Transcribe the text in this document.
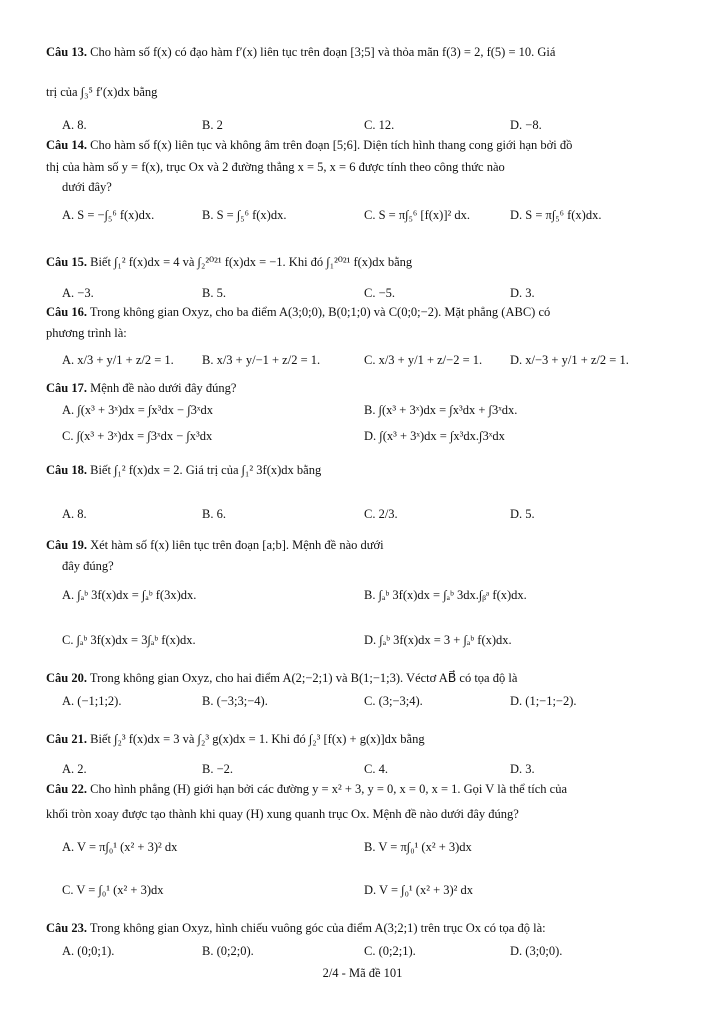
Câu 13. Cho hàm số f(x) có đạo hàm f′(x) liên tục trên đoạn [3;5] và thỏa mãn f(3) = 2, f(5) = 10. Giá
trị của ∫₃⁵ f′(x)dx bằng
A. 8.	B. 2	C. 12.	D. −8.
Câu 14. Cho hàm số f(x) liên tục và không âm trên đoạn [5;6]. Diện tích hình thang cong giới hạn bởi đồ
thị của hàm số y = f(x), trục Ox và 2 đường thẳng x = 5, x = 6 được tính theo công thức nào
dưới đây?
A. S = −∫₅⁶ f(x)dx.	B. S = ∫₅⁶ f(x)dx.	C. S = π∫₅⁶ [f(x)]² dx.	D. S = π∫₅⁶ f(x)dx.
Câu 15. Biết ∫₁² f(x)dx = 4 và ∫₂²⁰²¹ f(x)dx = −1. Khi đó ∫₁²⁰²¹ f(x)dx bằng
A. −3.	B. 5.	C. −5.	D. 3.
Câu 16. Trong không gian Oxyz, cho ba điểm A(3;0;0), B(0;1;0) và C(0;0;−2). Mặt phẳng (ABC) có
phương trình là:
A. x/3 + y/1 + z/2 = 1. B. x/3 + y/−1 + z/2 = 1.	C. x/3 + y/1 + z/−2 = 1. D. x/−3 + y/1 + z/2 = 1.
Câu 17. Mệnh đề nào dưới đây đúng?
A. ∫(x³ + 3ˣ)dx = ∫x³dx − ∫3ˣdx	B. ∫(x³ + 3ˣ)dx = ∫x³dx + ∫3ˣdx.
C. ∫(x³ + 3ˣ)dx = ∫3ˣdx − ∫x³dx	D. ∫(x³ + 3ˣ)dx = ∫x³dx.∫3ˣdx
Câu 18. Biết ∫₁² f(x)dx = 2. Giá trị của ∫₁² 3f(x)dx bằng
A. 8.	B. 6.	C. 2/3.	D. 5.
Câu 19. Xét hàm số f(x) liên tục trên đoạn [a;b]. Mệnh đề nào dưới
đây đúng?
A. ∫ₐᵇ 3f(x)dx = ∫ₐᵇ f(3x)dx.	B. ∫ₐᵇ 3f(x)dx = ∫ₐᵇ 3dx.∫ᵦᵃ f(x)dx.
C. ∫ₐᵇ 3f(x)dx = 3∫ₐᵇ f(x)dx.	D. ∫ₐᵇ 3f(x)dx = 3 + ∫ₐᵇ f(x)dx.
Câu 20. Trong không gian Oxyz, cho hai điểm A(2;−2;1) và B(1;−1;3). Véctơ AB⃗ có tọa độ là
A. (−1;1;2).	B. (−3;3;−4).	C. (3;−3;4).	D. (1;−1;−2).
Câu 21. Biết ∫₂³ f(x)dx = 3 và ∫₂³ g(x)dx = 1. Khi đó ∫₂³ [f(x) + g(x)]dx bằng
A. 2.	B. −2.	C. 4.	D. 3.
Câu 22. Cho hình phẳng (H) giới hạn bởi các đường y = x² + 3, y = 0, x = 0, x = 1. Gọi V là thể tích của
khối tròn xoay được tạo thành khi quay (H) xung quanh trục Ox. Mệnh đề nào dưới đây đúng?
A. V = π∫₀¹ (x² + 3)² dx	B. V = π∫₀¹ (x² + 3)dx
C. V = ∫₀¹ (x² + 3)dx	D. V = ∫₀¹ (x² + 3)² dx
Câu 23. Trong không gian Oxyz, hình chiếu vuông góc của điểm A(3;2;1) trên trục Ox có tọa độ là:
A. (0;0;1).	B. (0;2;0).	C. (0;2;1).	D. (3;0;0).
2/4 - Mã đề 101
